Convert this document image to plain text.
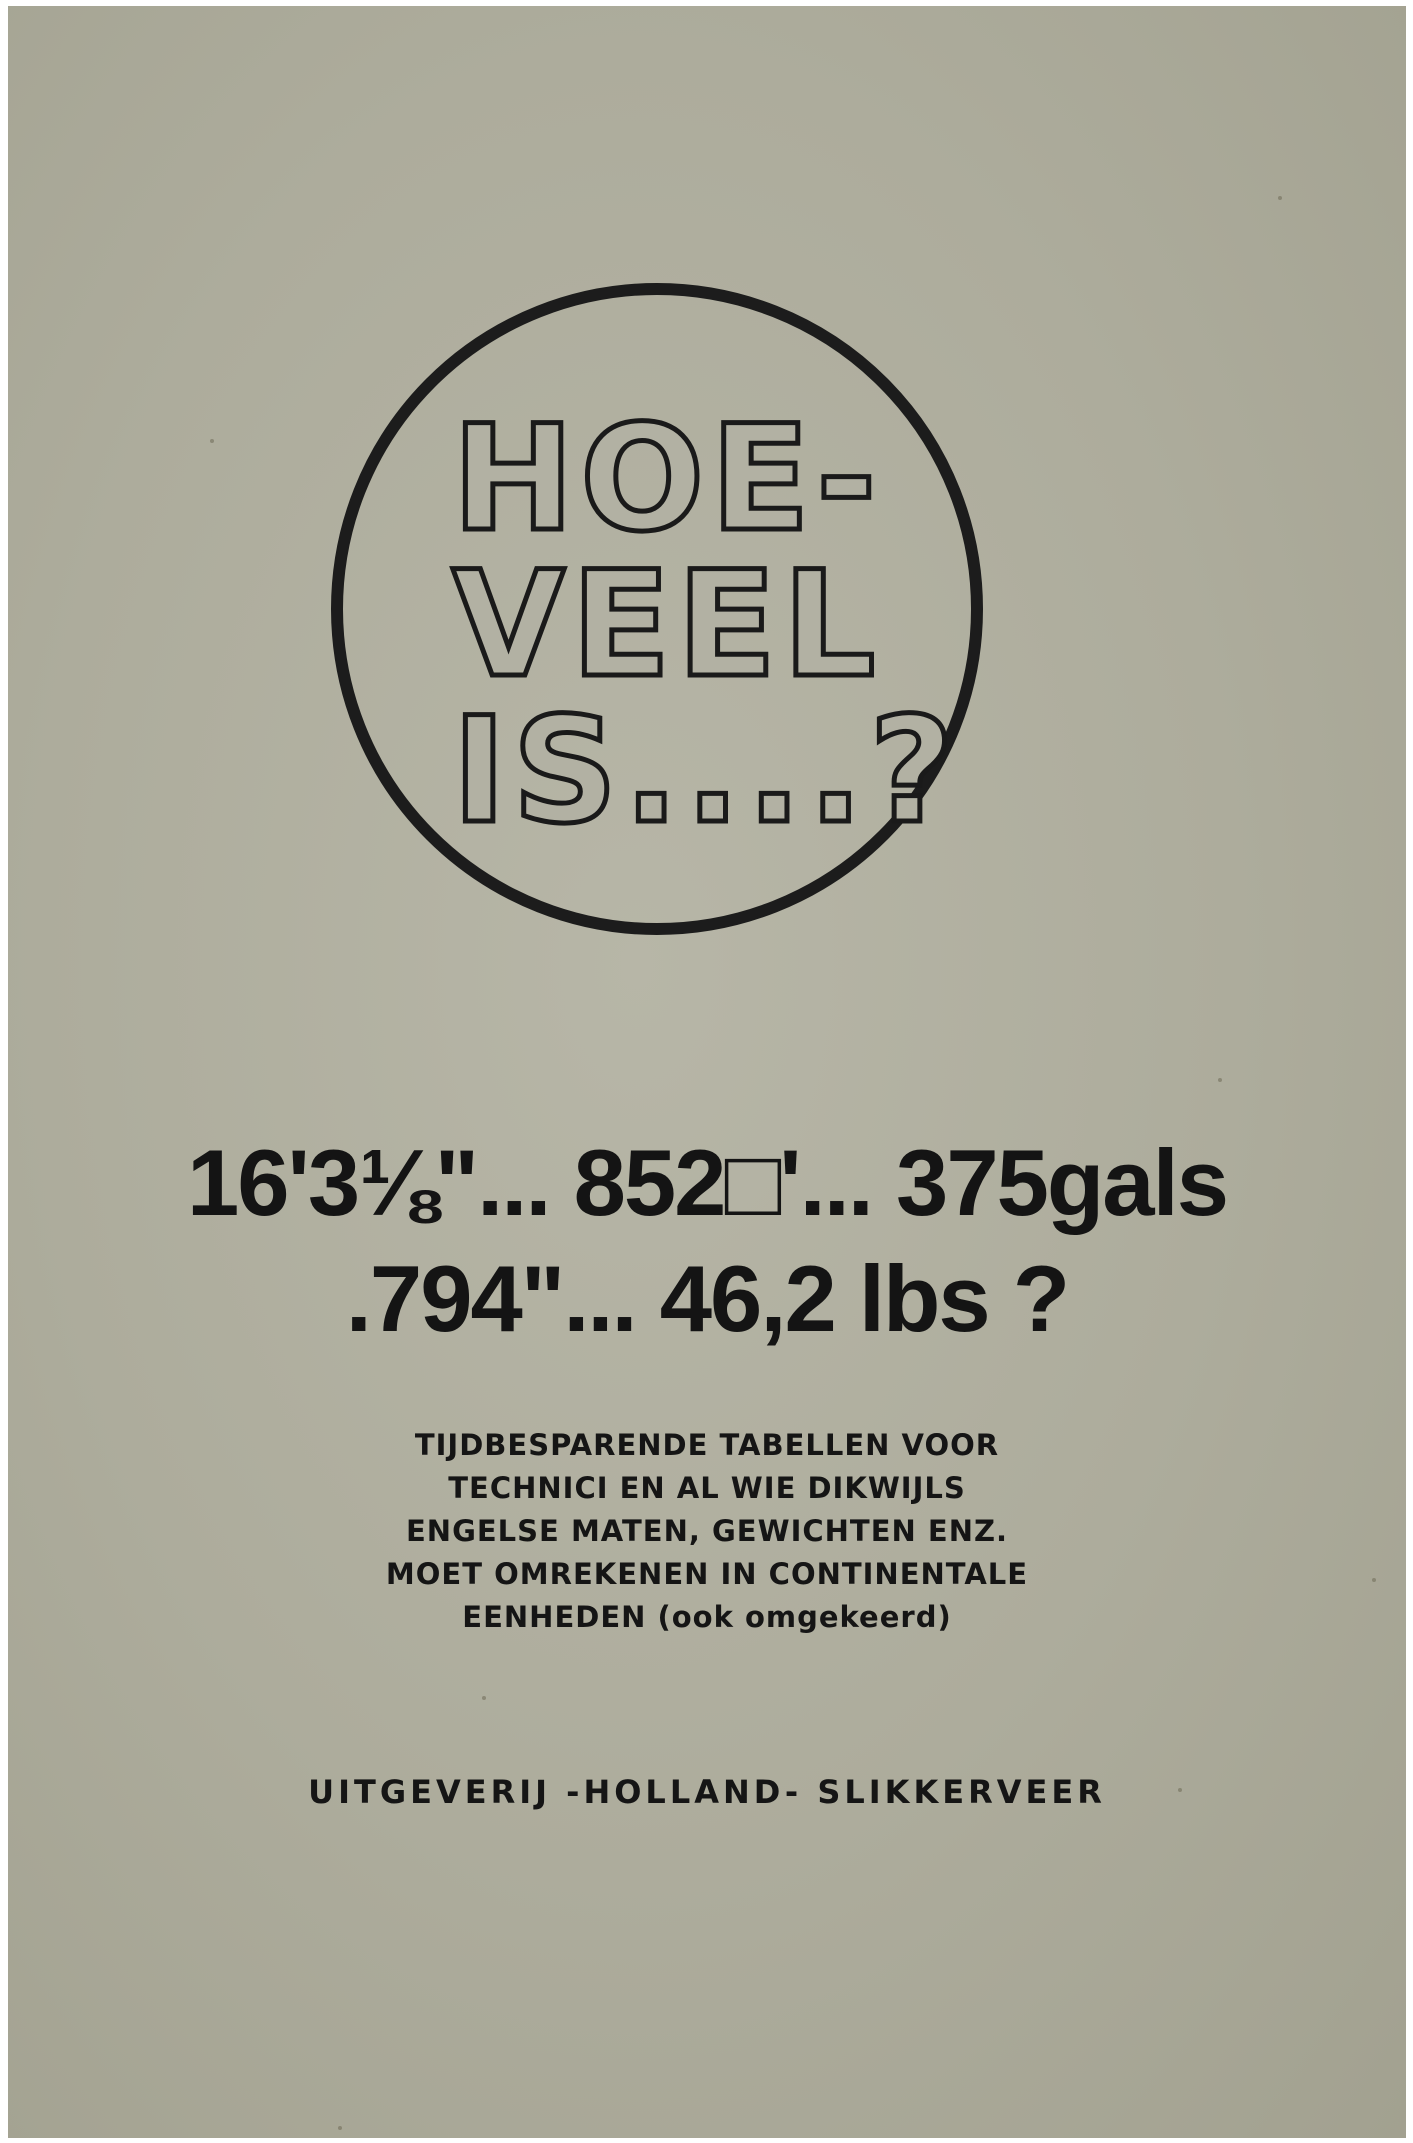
HOE-

VEEL

IS....?

16'3⅛"... 852□'... 375gals

.794"... 46,2 lbs ?

TIJDBESPARENDE TABELLEN VOOR

TECHNICI EN AL WIE DIKWIJLS

ENGELSE MATEN, GEWICHTEN ENZ.

MOET OMREKENEN IN CONTINENTALE

EENHEDEN (ook omgekeerd)

UITGEVERIJ -HOLLAND- SLIKKERVEER
